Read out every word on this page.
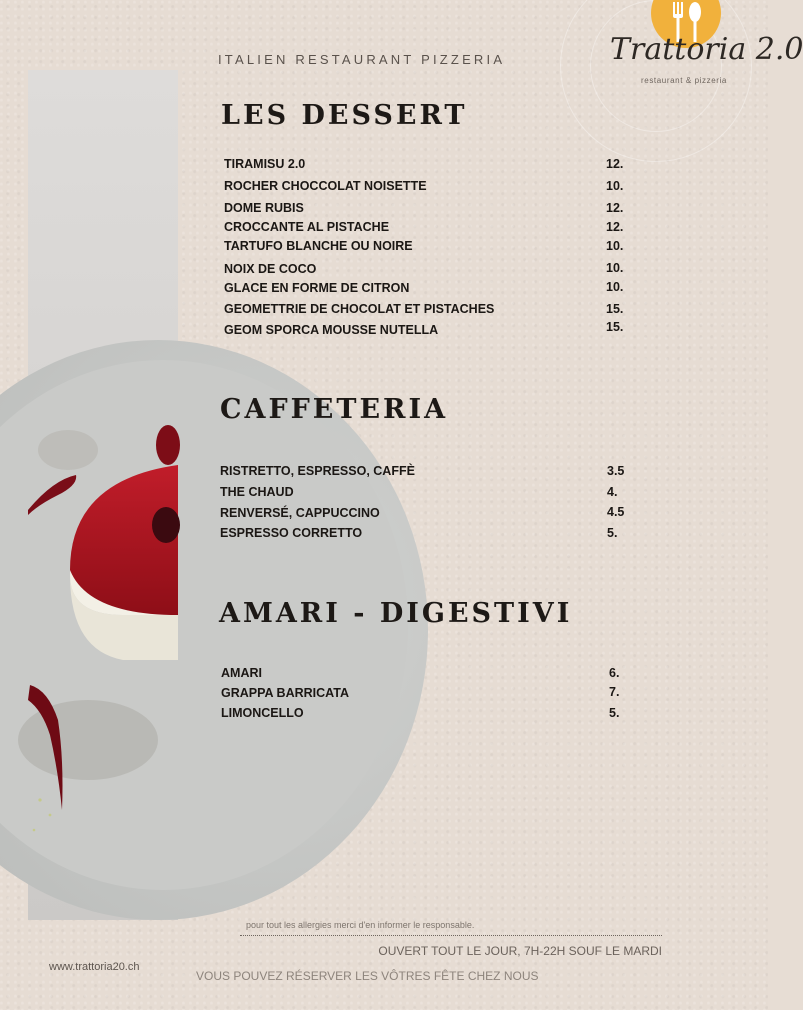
ITALIEN RESTAURANT PIZZERIA	Trattoria 2.0
restaurant & pizzeria
LES DESSERT
TIRAMISU 2.0	12.
ROCHER CHOCCOLAT NOISETTE	10.
DOME RUBIS	12.
CROCCANTE AL PISTACHE	12.
TARTUFO BLANCHE OU NOIRE	10.
NOIX DE COCO	10.
GLACE EN FORME DE CITRON	10.
GEOMETTRIE DE CHOCOLAT ET PISTACHES	15.
GEOM SPORCA MOUSSE NUTELLA	15.
CAFFETERIA
RISTRETTO, ESPRESSO, CAFFÈ	3.5
THE CHAUD	4.
RENVERSÉ, CAPPUCCINO	4.5
ESPRESSO CORRETTO	5.
AMARI - DIGESTIVI
AMARI	6.
GRAPPA BARRICATA	7.
LIMONCELLO	5.
pour tout les allergies merci d'en informer le responsable.
OUVERT TOUT LE JOUR, 7H-22H SOUF LE MARDI
VOUS POUVEZ RÉSERVER LES VÔTRES FÊTE CHEZ NOUS
www.trattoria20.ch
